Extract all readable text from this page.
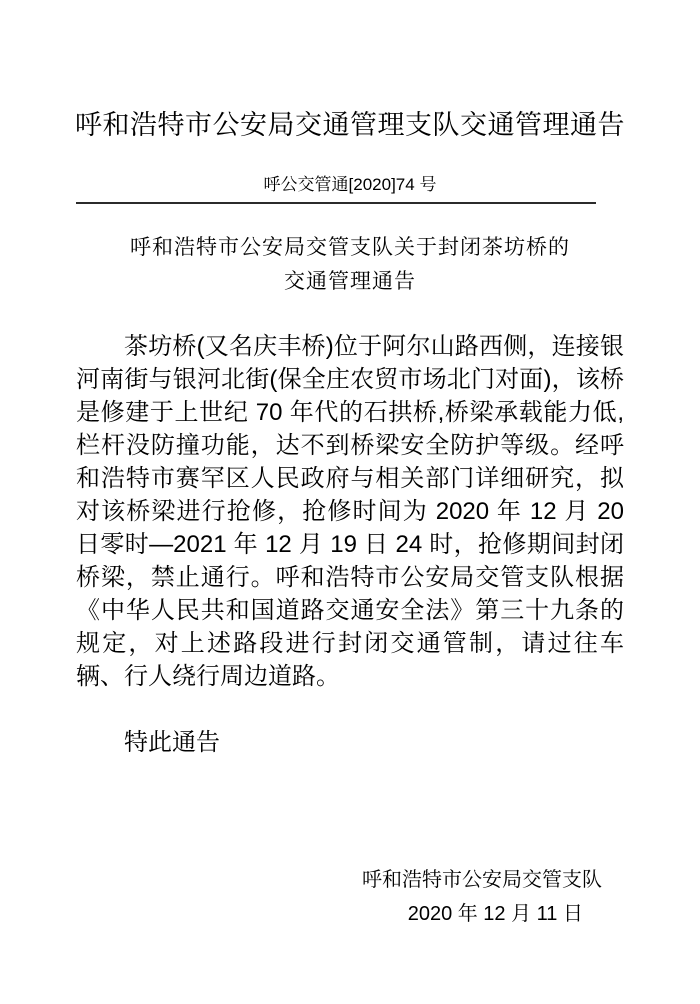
呼和浩特市公安局交通管理支队交通管理通告
呼公交管通[2020]74 号
呼和浩特市公安局交管支队关于封闭茶坊桥的
交通管理通告

茶坊桥(又名庆丰桥)位于阿尔山路西侧，连接银河南街与银河北街(保全庄农贸市场北门对面)，该桥是修建于上世纪 70 年代的石拱桥,桥梁承载能力低,栏杆没防撞功能，达不到桥梁安全防护等级。经呼和浩特市赛罕区人民政府与相关部门详细研究，拟对该桥梁进行抢修，抢修时间为 2020 年 12 月 20 日零时—2021 年 12 月 19 日 24 时，抢修期间封闭桥梁，禁止通行。呼和浩特市公安局交管支队根据《中华人民共和国道路交通安全法》第三十九条的规定，对上述路段进行封闭交通管制，请过往车辆、行人绕行周边道路。

特此通告

呼和浩特市公安局交管支队
2020 年 12 月 11 日
